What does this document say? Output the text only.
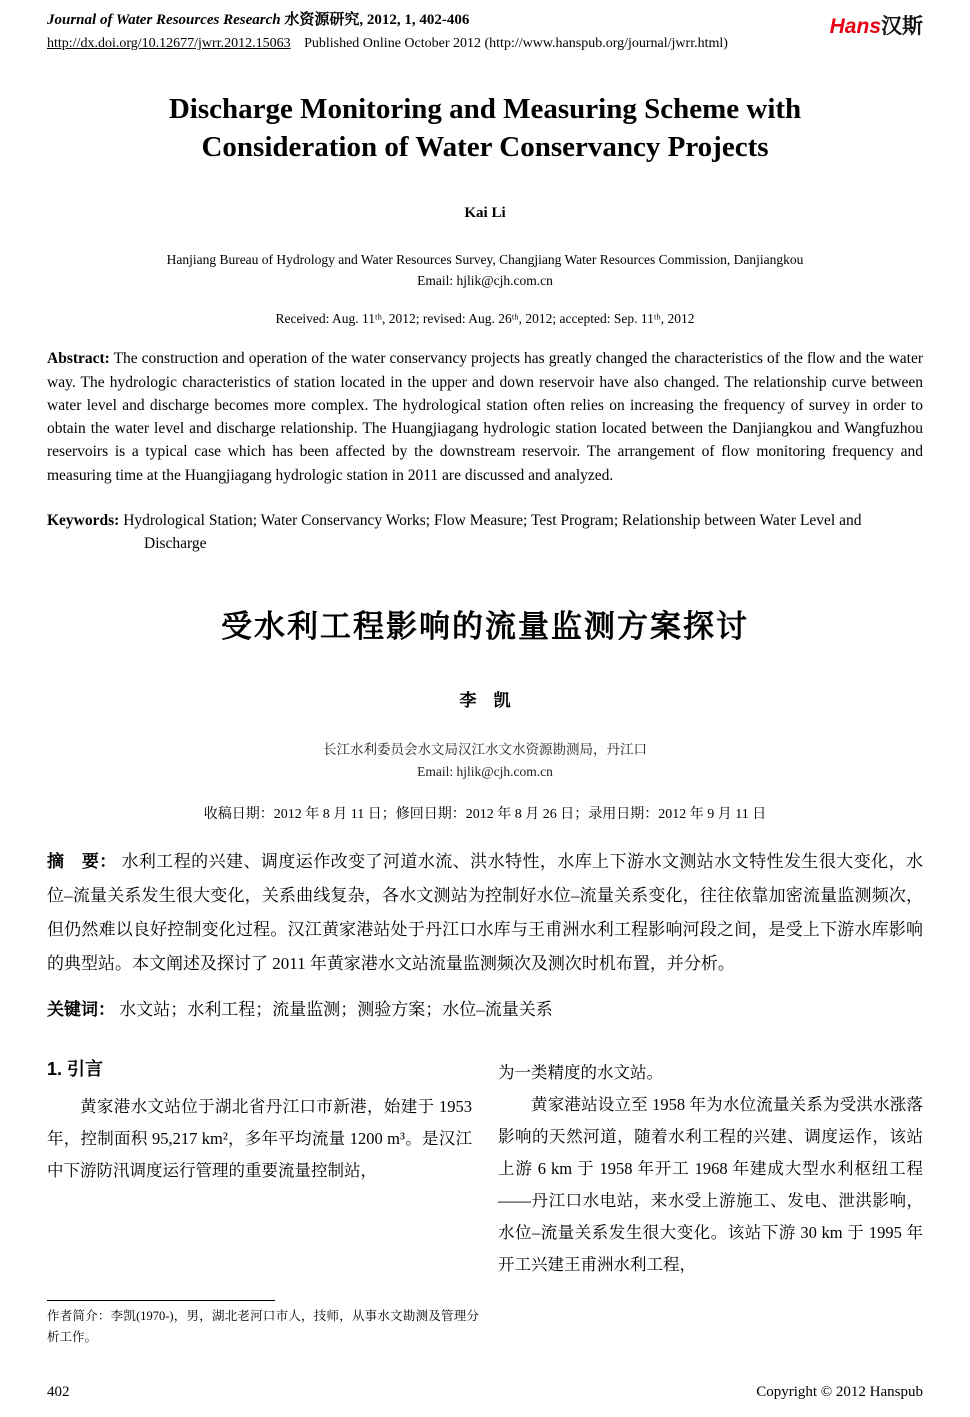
Journal of Water Resources Research 水资源研究, 2012, 1, 402-406
http://dx.doi.org/10.12677/jwrr.2012.15063 Published Online October 2012 (http://www.hanspub.org/journal/jwrr.html)
Hans汉斯
Discharge Monitoring and Measuring Scheme with
Consideration of Water Conservancy Projects
Kai Li
Hanjiang Bureau of Hydrology and Water Resources Survey, Changjiang Water Resources Commission, Danjiangkou
Email: hjlik@cjh.com.cn
Received: Aug. 11ᵗʰ, 2012; revised: Aug. 26ᵗʰ, 2012; accepted: Sep. 11ᵗʰ, 2012
Abstract: The construction and operation of the water conservancy projects has greatly changed the characteristics of the flow and the water way. The hydrologic characteristics of station located in the upper and down reservoir have also changed. The relationship curve between water level and discharge becomes more complex. The hydrological station often relies on increasing the frequency of survey in order to obtain the water level and discharge relationship. The Huangjiagang hydrologic station located between the Danjiangkou and Wangfuzhou reservoirs is a typical case which has been affected by the downstream reservoir. The arrangement of flow monitoring frequency and measuring time at the Huangjiagang hydrologic station in 2011 are discussed and analyzed.
Keywords: Hydrological Station; Water Conservancy Works; Flow Measure; Test Program; Relationship between Water Level and Discharge
受水利工程影响的流量监测方案探讨
李　凯
长江水利委员会水文局汉江水文水资源勘测局，丹江口
Email: hjlik@cjh.com.cn
收稿日期：2012 年 8 月 11 日；修回日期：2012 年 8 月 26 日；录用日期：2012 年 9 月 11 日
摘　要： 水利工程的兴建、调度运作改变了河道水流、洪水特性，水库上下游水文测站水文特性发生很大变化，水位–流量关系发生很大变化，关系曲线复杂，各水文测站为控制好水位–流量关系变化，往往依靠加密流量监测频次，但仍然难以良好控制变化过程。汉江黄家港站处于丹江口水库与王甫洲水利工程影响河段之间，是受上下游水库影响的典型站。本文阐述及探讨了 2011 年黄家港水文站流量监测频次及测次时机布置，并分析。
关键词： 水文站；水利工程；流量监测；测验方案；水位–流量关系
1. 引言

黄家港水文站位于湖北省丹江口市新港，始建于 1953 年，控制面积 95,217 km²，多年平均流量 1200 m³。是汉江中下游防汛调度运行管理的重要流量控制站，

为一类精度的水文站。

黄家港站设立至 1958 年为水位流量关系为受洪水涨落影响的天然河道，随着水利工程的兴建、调度运作，该站上游 6 km 于 1958 年开工 1968 年建成大型水利枢纽工程——丹江口水电站，来水受上游施工、发电、泄洪影响，水位–流量关系发生很大变化。该站下游 30 km 于 1995 年开工兴建王甫洲水利工程，

作者简介：李凯(1970-)，男，湖北老河口市人，技师，从事水文勘测及管理分析工作。
402	Copyright © 2012 Hanspub
